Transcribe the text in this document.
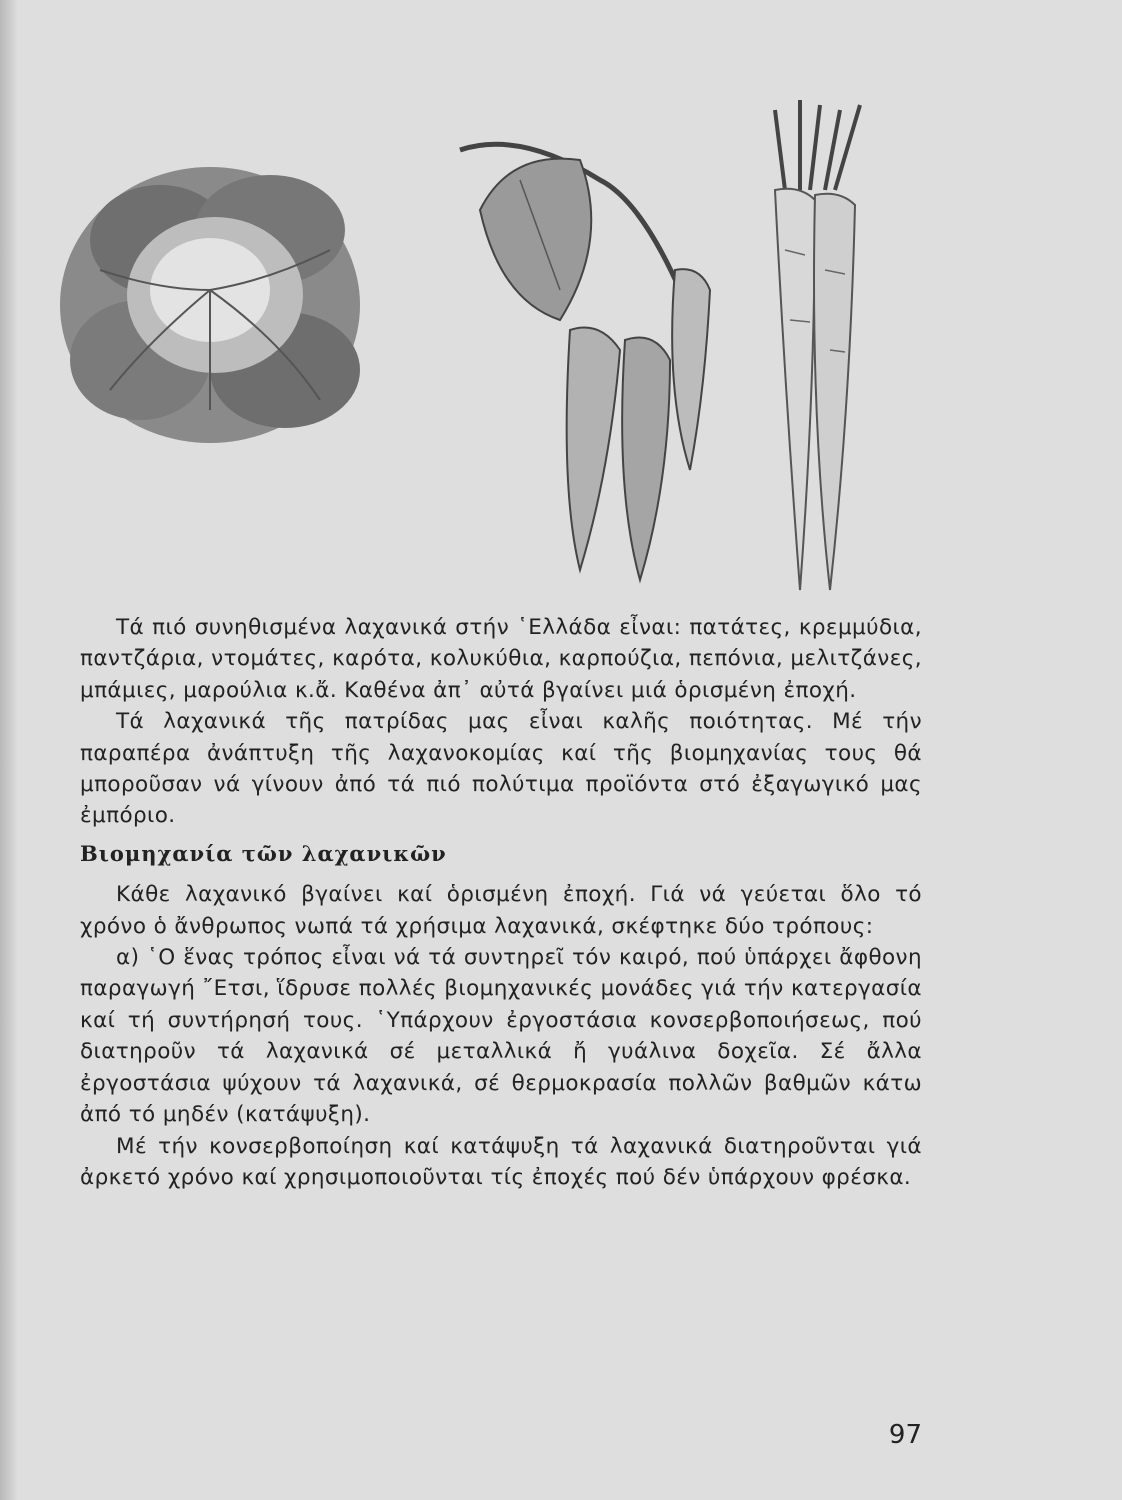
Τά πιό συνηθισμένα λαχανικά στήν ῾Ελλάδα εἶναι: πατάτες, κρεμμύδια, παντζάρια, ντομάτες, καρότα, κολυκύθια, καρπούζια, πεπόνια, μελιτζάνες, μπάμιες, μαρούλια κ.ἄ. Καθένα ἀπ᾿ αὐτά βγαίνει μιά ὁρισμένη ἐποχή.

Τά λαχανικά τῆς πατρίδας μας εἶναι καλῆς ποιότητας. Μέ τήν παραπέρα ἀνάπτυξη τῆς λαχανοκομίας καί τῆς βιομηχανίας τους θά μποροῦσαν νά γίνουν ἀπό τά πιό πολύτιμα προϊόντα στό ἐξαγωγικό μας ἐμπόριο.

Βιομηχανία τῶν λαχανικῶν

Κάθε λαχανικό βγαίνει καί ὁρισμένη ἐποχή. Γιά νά γεύεται ὅλο τό χρόνο ὁ ἄνθρωπος νωπά τά χρήσιμα λαχανικά, σκέφτηκε δύο τρόπους:

α) ῾Ο ἕνας τρόπος εἶναι νά τά συντηρεῖ τόν καιρό, πού ὑπάρχει ἄφθονη παραγωγή ῎Ετσι, ἵδρυσε πολλές βιομηχανικές μονάδες γιά τήν κατεργασία καί τή συντήρησή τους. ῾Υπάρχουν ἐργοστάσια κονσερβοποιήσεως, πού διατηροῦν τά λαχανικά σέ μεταλλικά ἤ γυάλινα δοχεῖα. Σέ ἄλλα ἐργοστάσια ψύχουν τά λαχανικά, σέ θερμοκρασία πολλῶν βαθμῶν κάτω ἀπό τό μηδέν (κατάψυξη).

Μέ τήν κονσερβοποίηση καί κατάψυξη τά λαχανικά διατηροῦνται γιά ἀρκετό χρόνο καί χρησιμοποιοῦνται τίς ἐποχές πού δέν ὑπάρχουν φρέσκα.

97
